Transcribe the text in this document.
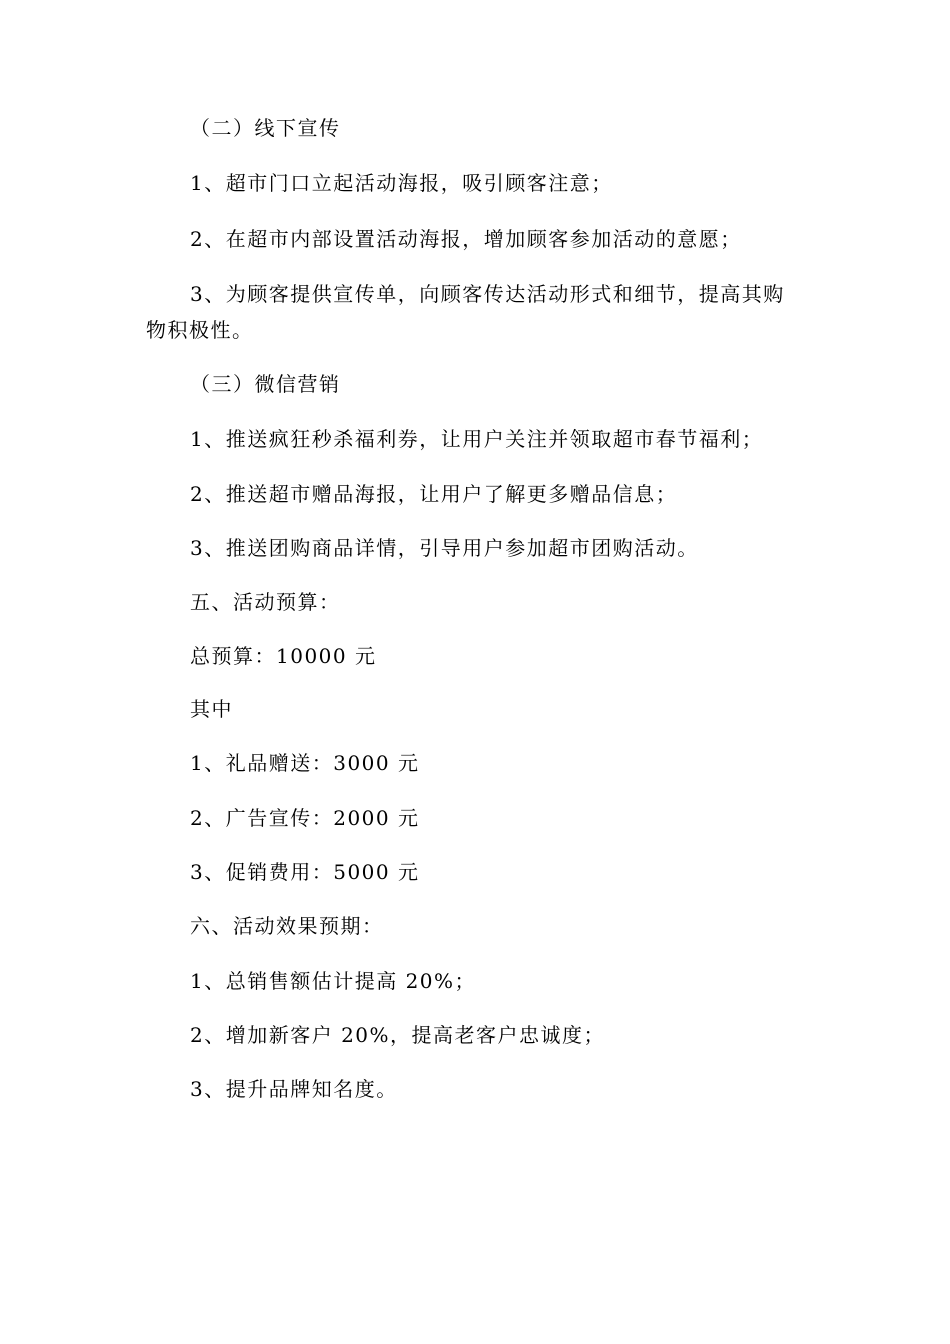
（二）线下宣传
1、超市门口立起活动海报，吸引顾客注意；
2、在超市内部设置活动海报，增加顾客参加活动的意愿；
3、为顾客提供宣传单，向顾客传达活动形式和细节，提高其购
物积极性。
（三）微信营销
1、推送疯狂秒杀福利券，让用户关注并领取超市春节福利；
2、推送超市赠品海报，让用户了解更多赠品信息；
3、推送团购商品详情，引导用户参加超市团购活动。
五、活动预算：
总预算：10000 元
其中
1、礼品赠送：3000 元
2、广告宣传：2000 元
3、促销费用：5000 元
六、活动效果预期：
1、总销售额估计提高 20%；
2、增加新客户 20%，提高老客户忠诚度；
3、提升品牌知名度。
